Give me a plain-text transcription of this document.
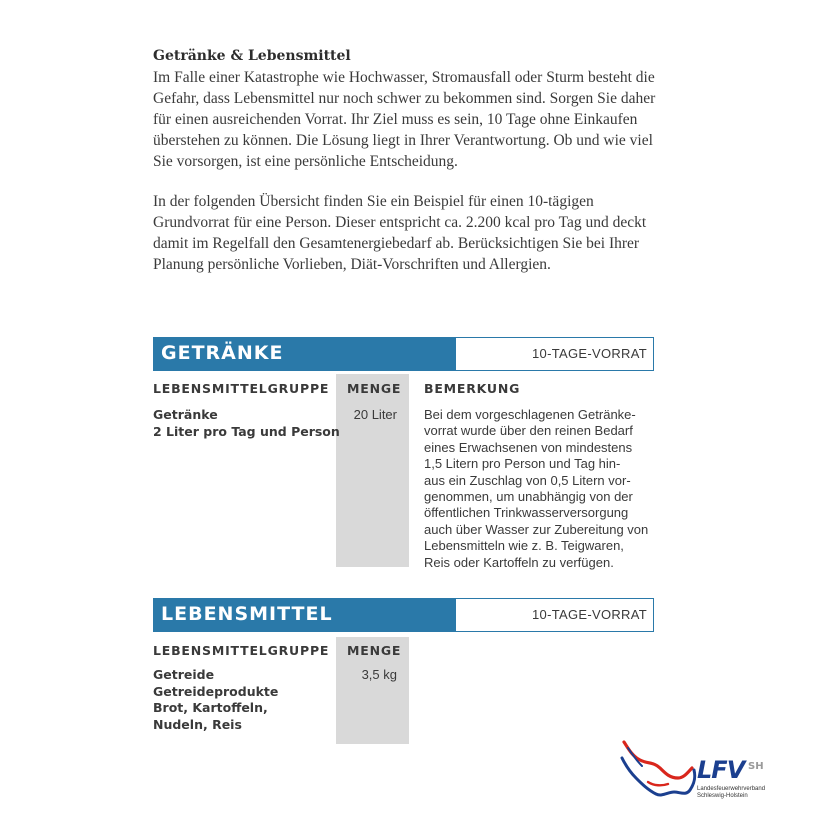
Getränke & Lebensmittel

Im Falle einer Katastrophe wie Hochwasser, Stromausfall oder Sturm besteht die Gefahr, dass Lebensmittel nur noch schwer zu bekommen sind. Sorgen Sie daher für einen ausreichenden Vorrat. Ihr Ziel muss es sein, 10 Tage ohne Einkaufen überstehen zu können. Die Lösung liegt in Ihrer Verantwortung. Ob und wie viel Sie vorsorgen, ist eine persönliche Entscheidung.

In der folgenden Übersicht finden Sie ein Beispiel für einen 10-tägigen Grundvorrat für eine Person. Dieser entspricht ca. 2.200 kcal pro Tag und deckt damit im Regelfall den Gesamtenergiebedarf ab. Berücksichtigen Sie bei Ihrer Planung persönliche Vorlieben, Diät-Vorschriften und Allergien.

GETRÄNKE	10-TAGE-VORRAT
LEBENSMITTELGRUPPE MENGE BEMERKUNG
Getränke
2 Liter pro Tag und Person
20 Liter Bei dem vorgeschlagenen Getränke-
vorrat wurde über den reinen Bedarf
eines Erwachsenen von mindestens
1,5 Litern pro Person und Tag hin-
aus ein Zuschlag von 0,5 Litern vor-
genommen, um unabhängig von der
öffentlichen Trinkwasserversorgung
auch über Wasser zur Zubereitung von
Lebensmitteln wie z. B. Teigwaren,
Reis oder Kartoffeln zu verfügen.
LEBENSMITTEL	10-TAGE-VORRAT
LEBENSMITTELGRUPPE MENGE
Getreide
Getreideprodukte
Brot, Kartoffeln,
Nudeln, Reis
3,5 kg
LFV SH
Landesfeuerwehrverband
Schleswig-Holstein
